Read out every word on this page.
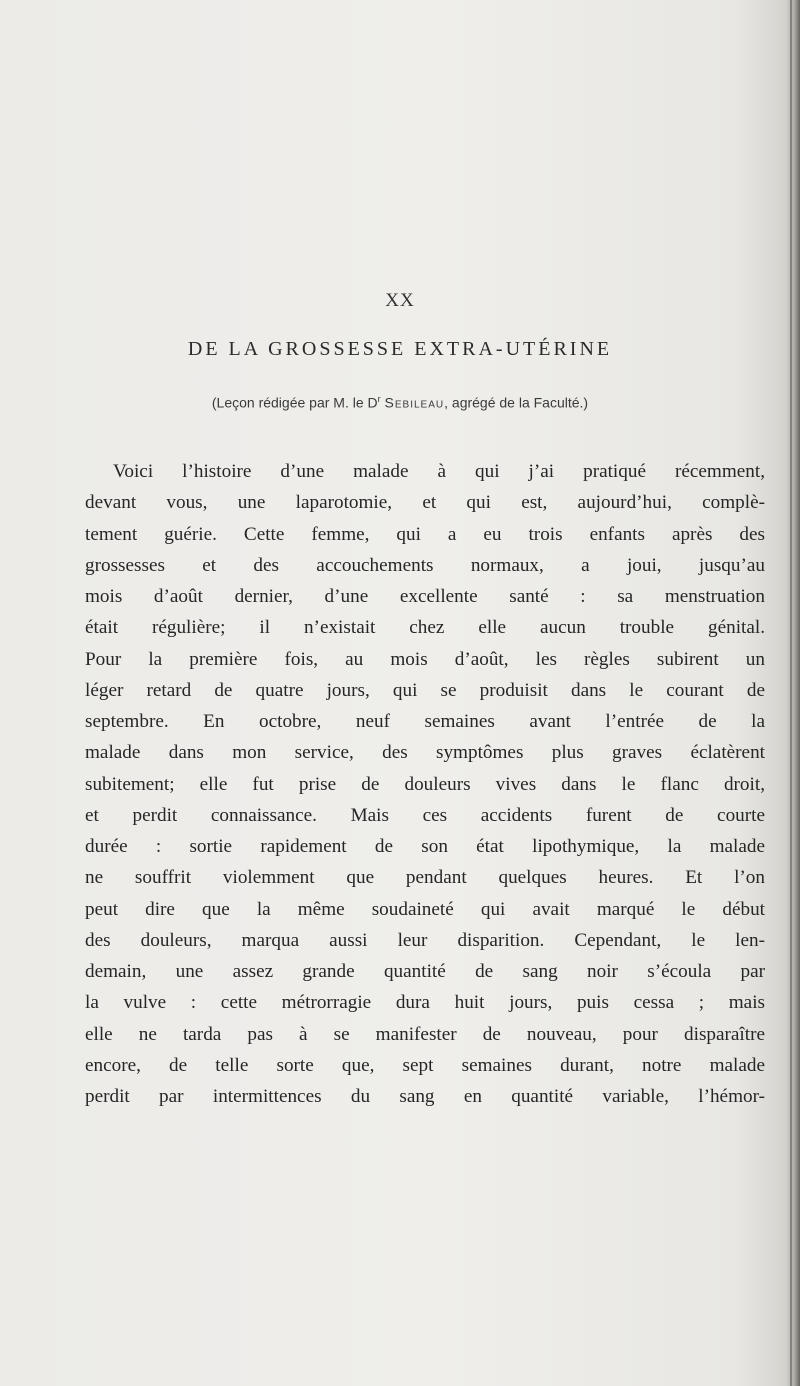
XX
DE LA GROSSESSE EXTRA-UTÉRINE
(Leçon rédigée par M. le $D^r$ Sebileau, agrégé de la Faculté.)
Voici l’histoire d’une malade à qui j’ai pratiqué récemment,
devant vous, une laparotomie, et qui est, aujourd’hui, complè-
tement guérie. Cette femme, qui a eu trois enfants après des
grossesses et des accouchements normaux, a joui, jusqu’au
mois d’août dernier, d’une excellente santé : sa menstruation
était régulière; il n’existait chez elle aucun trouble génital.
Pour la première fois, au mois d’août, les règles subirent un
léger retard de quatre jours, qui se produisit dans le courant de
septembre. En octobre, neuf semaines avant l’entrée de la
malade dans mon service, des symptômes plus graves éclatèrent
subitement; elle fut prise de douleurs vives dans le flanc droit,
et perdit connaissance. Mais ces accidents furent de courte
durée : sortie rapidement de son état lipothymique, la malade
ne souffrit violemment que pendant quelques heures. Et l’on
peut dire que la même soudaineté qui avait marqué le début
des douleurs, marqua aussi leur disparition. Cependant, le len-
demain, une assez grande quantité de sang noir s’écoula par
la vulve : cette métrorragie dura huit jours, puis cessa ; mais
elle ne tarda pas à se manifester de nouveau, pour disparaître
encore, de telle sorte que, sept semaines durant, notre malade
perdit par intermittences du sang en quantité variable, l’hémor-
